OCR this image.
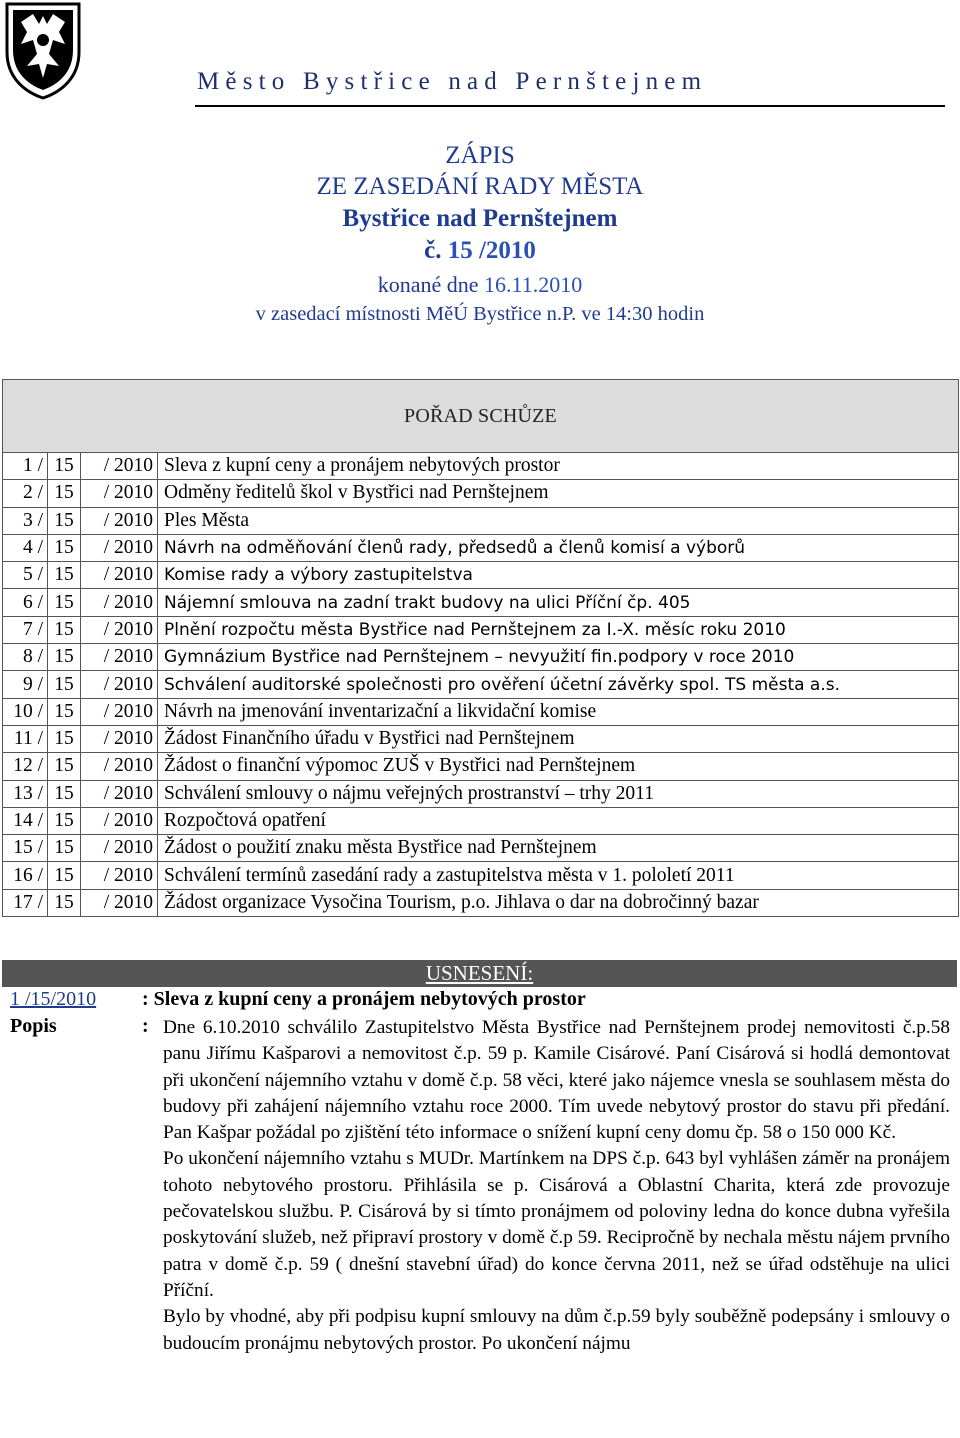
Město Bystřice nad Pernštejnem
ZÁPIS
ZE ZASEDÁNÍ RADY MĚSTA
Bystřice nad Pernštejnem
č. 15 /2010
konané dne 16.11.2010
v zasedací místnosti MěÚ Bystřice n.P. ve 14:30 hodin
POŘAD SCHŮZE			
1 /	15	/ 2010	Sleva z kupní ceny a pronájem nebytových prostor
2 /	15	/ 2010	Odměny ředitelů škol v Bystřici nad Pernštejnem
3 /	15	/ 2010	Ples Města
4 /	15	/ 2010	Návrh na odměňování členů rady, předsedů a členů komisí a výborů
5 /	15	/ 2010	Komise rady a výbory zastupitelstva
6 /	15	/ 2010	Nájemní smlouva na zadní trakt budovy na ulici Příční čp. 405
7 /	15	/ 2010	Plnění rozpočtu města Bystřice nad Pernštejnem za I.-X. měsíc roku 2010
8 /	15	/ 2010	Gymnázium Bystřice nad Pernštejnem – nevyužití fin.podpory v roce 2010
9 /	15	/ 2010	Schválení auditorské společnosti pro ověření účetní závěrky spol. TS města a.s.
10 /	15	/ 2010	Návrh na jmenování inventarizační a likvidační komise
11 /	15	/ 2010	Žádost Finančního úřadu v Bystřici nad Pernštejnem
12 /	15	/ 2010	Žádost o finanční výpomoc ZUŠ v Bystřici nad Pernštejnem
13 /	15	/ 2010	Schválení smlouvy o nájmu veřejných prostranství – trhy 2011
14 /	15	/ 2010	Rozpočtová opatření
15 /	15	/ 2010	Žádost o použití znaku města Bystřice nad Pernštejnem
16 /	15	/ 2010	Schválení termínů zasedání rady a zastupitelstva města v 1. pololetí 2011
17 /	15	/ 2010	Žádost organizace Vysočina Tourism, p.o. Jihlava o dar na dobročinný bazar
USNESENÍ:
1 /15/2010 : Sleva z kupní ceny a pronájem nebytových prostor
Popis	: Dne 6.10.2010 schválilo Zastupitelstvo Města Bystřice nad Pernštejnem prodej nemovitosti č.p.58 panu Jiřímu Kašparovi a nemovitost č.p. 59 p. Kamile Cisárové. Paní Cisárová si hodlá demontovat při ukončení nájemního vztahu v domě č.p. 58 věci, které jako nájemce vnesla se souhlasem města do budovy při zahájení nájemního vztahu roce 2000. Tím uvede nebytový prostor do stavu při předání. Pan Kašpar požádal po zjištění této informace o snížení kupní ceny domu čp. 58 o 150 000 Kč.

Po ukončení nájemního vztahu s MUDr. Martínkem na DPS č.p. 643 byl vyhlášen záměr na pronájem tohoto nebytového prostoru. Přihlásila se p. Cisárová a Oblastní Charita, která zde provozuje pečovatelskou službu. P. Cisárová by si tímto pronájmem od poloviny ledna do konce dubna vyřešila poskytování služeb, než připraví prostory v domě č.p 59. Recipročně by nechala městu nájem prvního patra v domě č.p. 59 ( dnešní stavební úřad) do konce června 2011, než se úřad odstěhuje na ulici Příční.

Bylo by vhodné, aby při podpisu kupní smlouvy na dům č.p.59 byly souběžně podepsány i smlouvy o budoucím pronájmu nebytových prostor. Po ukončení nájmu
